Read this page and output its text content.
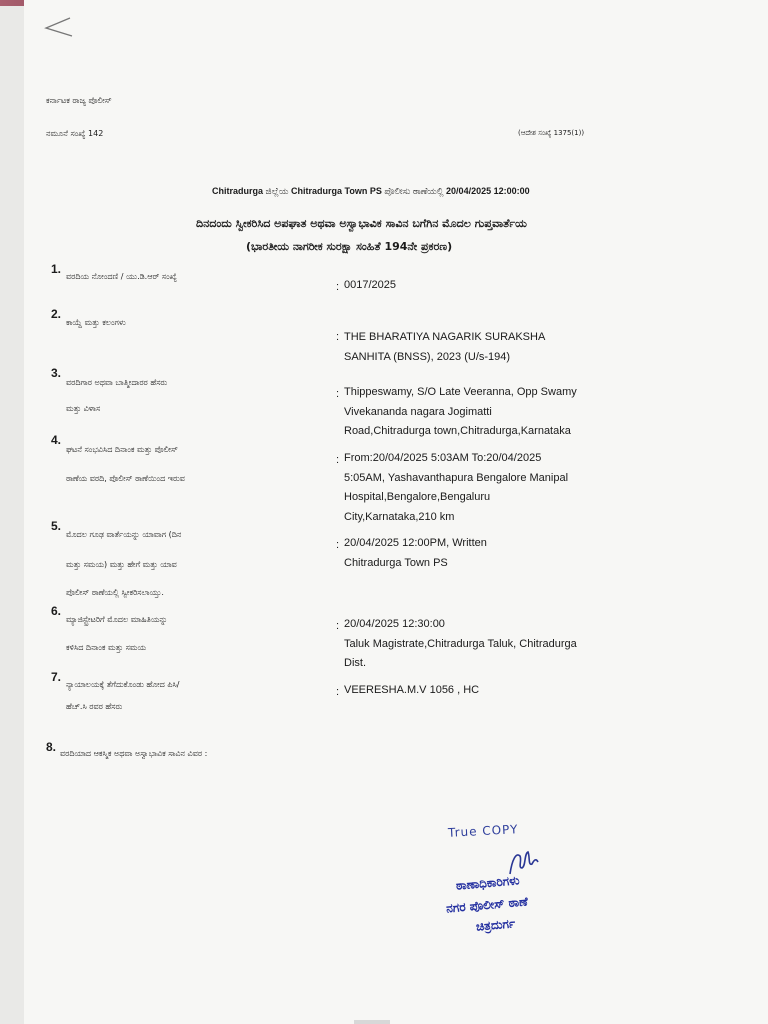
ಕರ್ನಾಟಕ ರಾಜ್ಯ ಪೊಲೀಸ್
ನಮೂನೆ ಸಂಖ್ಯೆ 142	(ಆದೇಶ ಸಂಖ್ಯೆ 1375(1))
Chitradurga ಜಿಲ್ಲೆಯ Chitradurga Town PS ಪೊಲೀಸು ಠಾಣೆಯಲ್ಲಿ 20/04/2025 12:00:00
ದಿನದಂದು ಸ್ವೀಕರಿಸಿದ ಅಪಘಾತ ಅಥವಾ ಅಸ್ವಾಭಾವಿಕ ಸಾವಿನ ಬಗೆಗಿನ ಮೊದಲ ಗುಪ್ತವಾರ್ತೆಯ
(ಭಾರತೀಯ ನಾಗರೀಕ ಸುರಕ್ಷಾ ಸಂಹಿತೆ 194ನೇ ಪ್ರಕರಣ)
1.
ವರದಿಯ ನೋಂದಣಿ / ಯು.ಡಿ.ಆರ್ ಸಂಖ್ಯೆ
: 0017/2025
2.
ಕಾಯ್ದೆ ಮತ್ತು ಕಲಂಗಳು
: THE BHARATIYA NAGARIK SURAKSHA
SANHITA (BNSS), 2023 (U/s-194)
3.
ವರದಿಗಾರ ಅಥವಾ ಬಾತ್ಮೀದಾರರ ಹೆಸರು
ಮತ್ತು ವಿಳಾಸ
: Thippeswamy, S/O Late Veeranna, Opp Swamy
Vivekananda nagara Jogimatti
Road,Chitradurga town,Chitradurga,Karnataka
4.
ಘಟನೆ ಸಂಭವಿಸಿದ ದಿನಾಂಕ ಮತ್ತು ಪೊಲೀಸ್
ಠಾಣೆಯ ವರದಿ, ಪೊಲೀಸ್ ಠಾಣೆಯಿಂದ ಇರುವ
: From:20/04/2025 5:03AM To:20/04/2025
5:05AM, Yashavanthapura Bengalore Manipal
Hospital,Bengalore,Bengaluru
City,Karnataka,210 km
5.
ಮೊದಲ ಗೂಢ ವಾರ್ತೆಯನ್ನು ಯಾವಾಗ (ದಿನ
ಮತ್ತು ಸಮಯ) ಮತ್ತು ಹೇಗೆ ಮತ್ತು ಯಾವ
ಪೊಲೀಸ್ ಠಾಣೆಯಲ್ಲಿ ಸ್ವೀಕರಿಸಲಾಯ್ತು.
: 20/04/2025 12:00PM, Written
Chitradurga Town PS
6.
ಮ್ಯಾಜಿಸ್ಟ್ರೇಟರಿಗೆ ಮೊದಲ ಮಾಹಿತಿಯನ್ನು
ಕಳಿಸಿದ ದಿನಾಂಕ ಮತ್ತು ಸಮಯ
: 20/04/2025 12:30:00
Taluk Magistrate,Chitradurga Taluk, Chitradurga
Dist.
7.
ನ್ಯಾಯಾಲಯಕ್ಕೆ ತೆಗೆದುಕೊಂಡು ಹೋದ ಪಿಸಿ/
ಹೆಚ್.ಸಿ ರವರ ಹೆಸರು
: VEERESHA.M.V 1056 , HC
8. ವರದಿಯಾದ ಆಕಸ್ಮಿಕ ಅಥವಾ ಅಸ್ವಾಭಾವಿಕ ಸಾವಿನ ವಿವರ :
True COPY
ಠಾಣಾಧಿಕಾರಿಗಳು
ನಗರ ಪೊಲೀಸ್ ಠಾಣೆ
ಚಿತ್ರದುರ್ಗ
